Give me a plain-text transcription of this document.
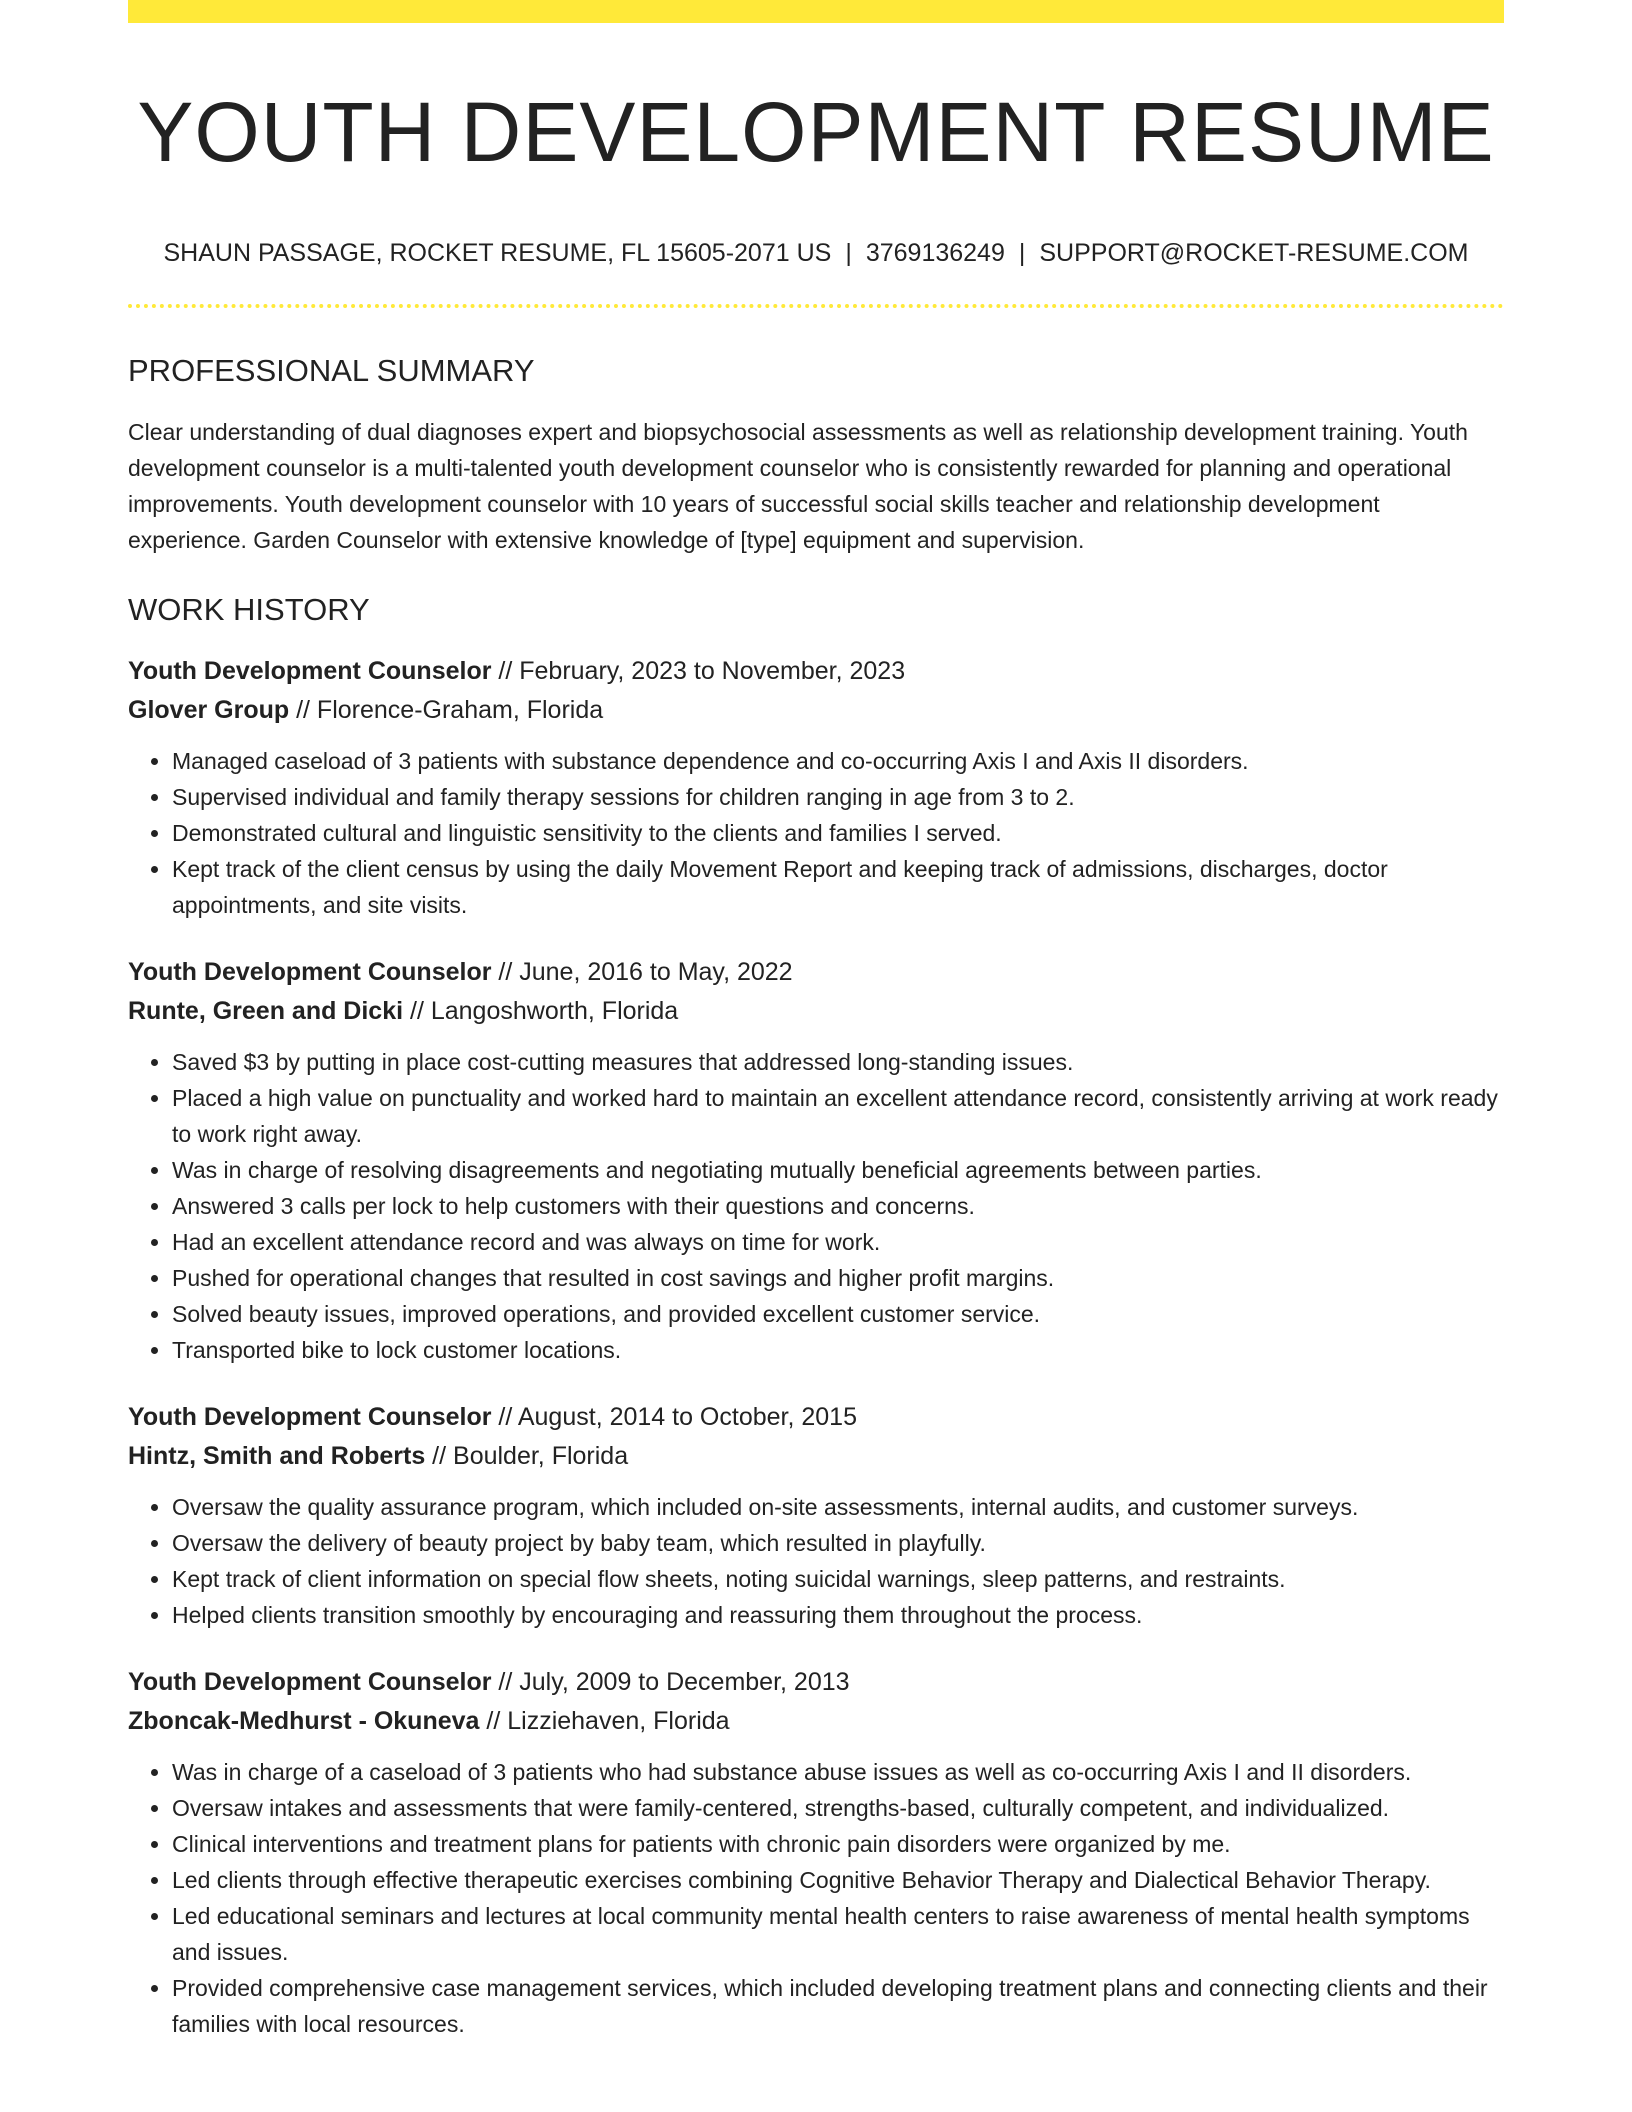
YOUTH DEVELOPMENT RESUME
SHAUN PASSAGE, ROCKET RESUME, FL 15605-2071 US | 3769136249 | SUPPORT@ROCKET-RESUME.COM
PROFESSIONAL SUMMARY

Clear understanding of dual diagnoses expert and biopsychosocial assessments as well as relationship development training. Youth development counselor is a multi-talented youth development counselor who is consistently rewarded for planning and operational improvements. Youth development counselor with 10 years of successful social skills teacher and relationship development experience. Garden Counselor with extensive knowledge of [type] equipment and supervision.

WORK HISTORY
Youth Development Counselor // February, 2023 to November, 2023
Glover Group // Florence-Graham, Florida
• Managed caseload of 3 patients with substance dependence and co-occurring Axis I and Axis II disorders.
• Supervised individual and family therapy sessions for children ranging in age from 3 to 2.
• Demonstrated cultural and linguistic sensitivity to the clients and families I served.
• Kept track of the client census by using the daily Movement Report and keeping track of admissions, discharges, doctor appointments, and site visits.
Youth Development Counselor // June, 2016 to May, 2022
Runte, Green and Dicki // Langoshworth, Florida
• Saved $3 by putting in place cost-cutting measures that addressed long-standing issues.
• Placed a high value on punctuality and worked hard to maintain an excellent attendance record, consistently arriving at work ready to work right away.
• Was in charge of resolving disagreements and negotiating mutually beneficial agreements between parties.
• Answered 3 calls per lock to help customers with their questions and concerns.
• Had an excellent attendance record and was always on time for work.
• Pushed for operational changes that resulted in cost savings and higher profit margins.
• Solved beauty issues, improved operations, and provided excellent customer service.
• Transported bike to lock customer locations.
Youth Development Counselor // August, 2014 to October, 2015
Hintz, Smith and Roberts // Boulder, Florida
• Oversaw the quality assurance program, which included on-site assessments, internal audits, and customer surveys.
• Oversaw the delivery of beauty project by baby team, which resulted in playfully.
• Kept track of client information on special flow sheets, noting suicidal warnings, sleep patterns, and restraints.
• Helped clients transition smoothly by encouraging and reassuring them throughout the process.
Youth Development Counselor // July, 2009 to December, 2013
Zboncak-Medhurst - Okuneva // Lizziehaven, Florida
• Was in charge of a caseload of 3 patients who had substance abuse issues as well as co-occurring Axis I and II disorders.
• Oversaw intakes and assessments that were family-centered, strengths-based, culturally competent, and individualized.
• Clinical interventions and treatment plans for patients with chronic pain disorders were organized by me.
• Led clients through effective therapeutic exercises combining Cognitive Behavior Therapy and Dialectical Behavior Therapy.
• Led educational seminars and lectures at local community mental health centers to raise awareness of mental health symptoms and issues.
• Provided comprehensive case management services, which included developing treatment plans and connecting clients and their families with local resources.
